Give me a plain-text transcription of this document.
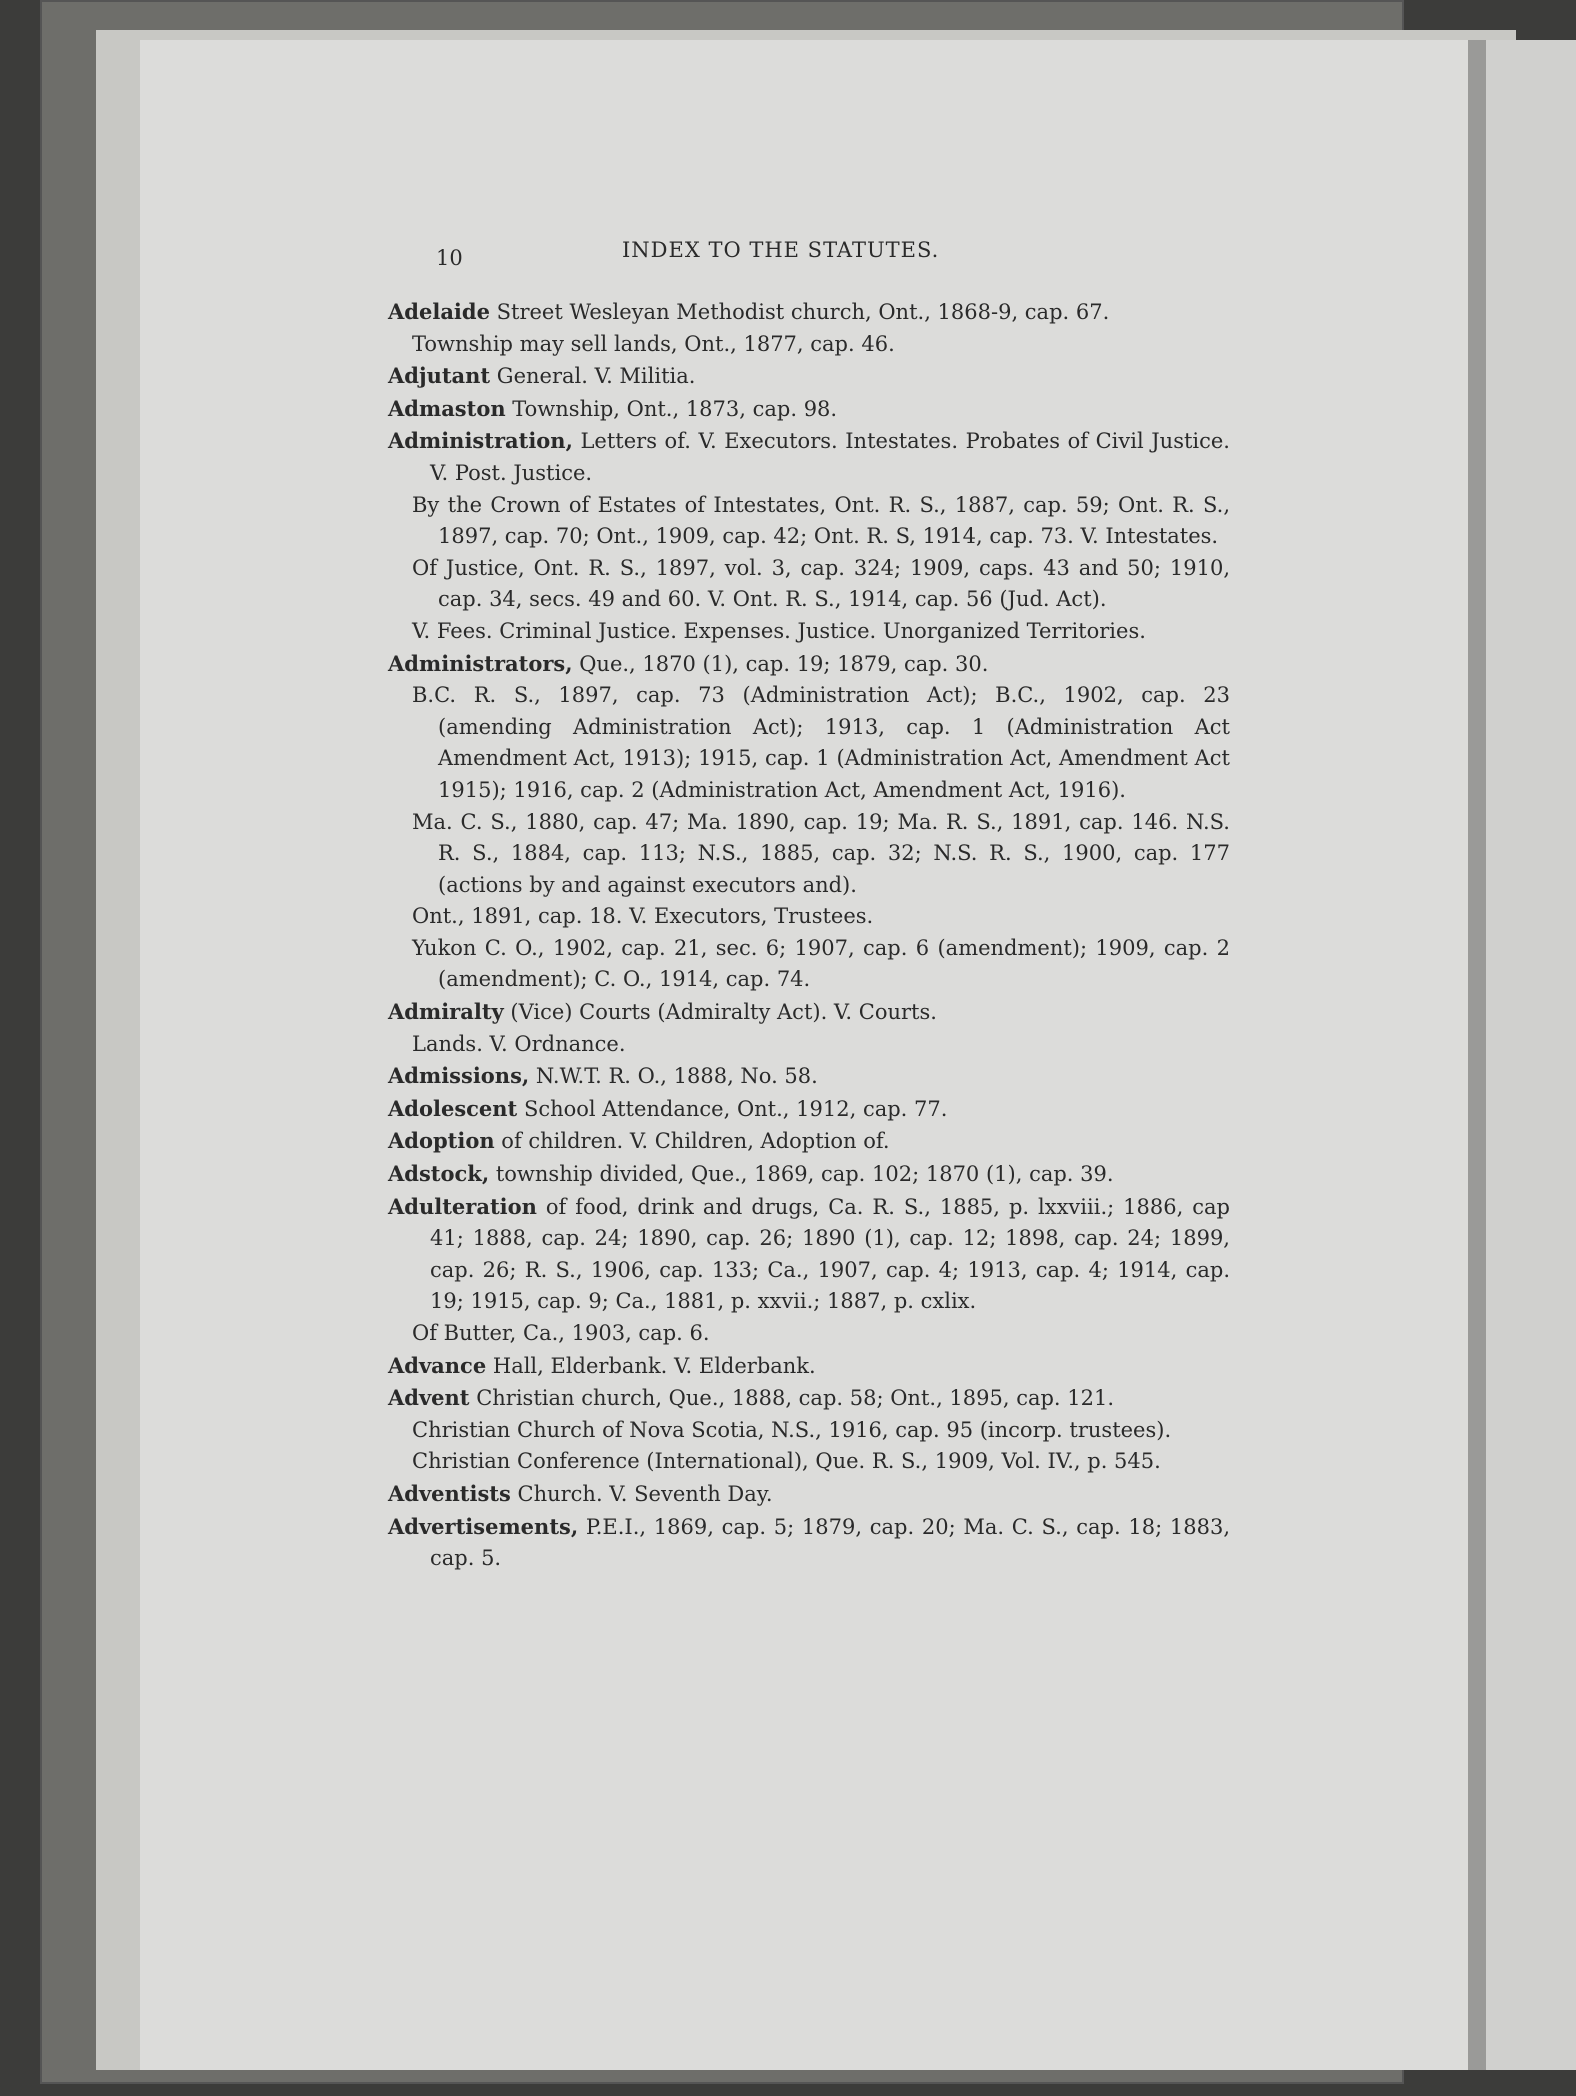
10	INDEX TO THE STATUTES.

Adelaide Street Wesleyan Methodist church, Ont., 1868-9, cap. 67.

Township may sell lands, Ont., 1877, cap. 46.

Adjutant General. V. Militia.

Admaston Township, Ont., 1873, cap. 98.

Administration, Letters of. V. Executors. Intestates. Probates of Civil Justice. V. Post. Justice.

By the Crown of Estates of Intestates, Ont. R. S., 1887, cap. 59; Ont. R. S., 1897, cap. 70; Ont., 1909, cap. 42; Ont. R. S, 1914, cap. 73. V. Intestates.

Of Justice, Ont. R. S., 1897, vol. 3, cap. 324; 1909, caps. 43 and 50; 1910, cap. 34, secs. 49 and 60. V. Ont. R. S., 1914, cap. 56 (Jud. Act).

V. Fees. Criminal Justice. Expenses. Justice. Unorganized Territories.

Administrators, Que., 1870 (1), cap. 19; 1879, cap. 30.

B.C. R. S., 1897, cap. 73 (Administration Act); B.C., 1902, cap. 23 (amending Administration Act); 1913, cap. 1 (Administration Act Amendment Act, 1913); 1915, cap. 1 (Administration Act, Amendment Act 1915); 1916, cap. 2 (Administration Act, Amendment Act, 1916).

Ma. C. S., 1880, cap. 47; Ma. 1890, cap. 19; Ma. R. S., 1891, cap. 146. N.S. R. S., 1884, cap. 113; N.S., 1885, cap. 32; N.S. R. S., 1900, cap. 177 (actions by and against executors and).

Ont., 1891, cap. 18. V. Executors, Trustees.

Yukon C. O., 1902, cap. 21, sec. 6; 1907, cap. 6 (amendment); 1909, cap. 2 (amendment); C. O., 1914, cap. 74.

Admiralty (Vice) Courts (Admiralty Act). V. Courts.

Lands. V. Ordnance.

Admissions, N.W.T. R. O., 1888, No. 58.

Adolescent School Attendance, Ont., 1912, cap. 77.

Adoption of children. V. Children, Adoption of.

Adstock, township divided, Que., 1869, cap. 102; 1870 (1), cap. 39.

Adulteration of food, drink and drugs, Ca. R. S., 1885, p. lxxviii.; 1886, cap 41; 1888, cap. 24; 1890, cap. 26; 1890 (1), cap. 12; 1898, cap. 24; 1899, cap. 26; R. S., 1906, cap. 133; Ca., 1907, cap. 4; 1913, cap. 4; 1914, cap. 19; 1915, cap. 9; Ca., 1881, p. xxvii.; 1887, p. cxlix.

Of Butter, Ca., 1903, cap. 6.

Advance Hall, Elderbank. V. Elderbank.

Advent Christian church, Que., 1888, cap. 58; Ont., 1895, cap. 121.

Christian Church of Nova Scotia, N.S., 1916, cap. 95 (incorp. trustees).

Christian Conference (International), Que. R. S., 1909, Vol. IV., p. 545.

Adventists Church. V. Seventh Day.

Advertisements, P.E.I., 1869, cap. 5; 1879, cap. 20; Ma. C. S., cap. 18; 1883, cap. 5.
